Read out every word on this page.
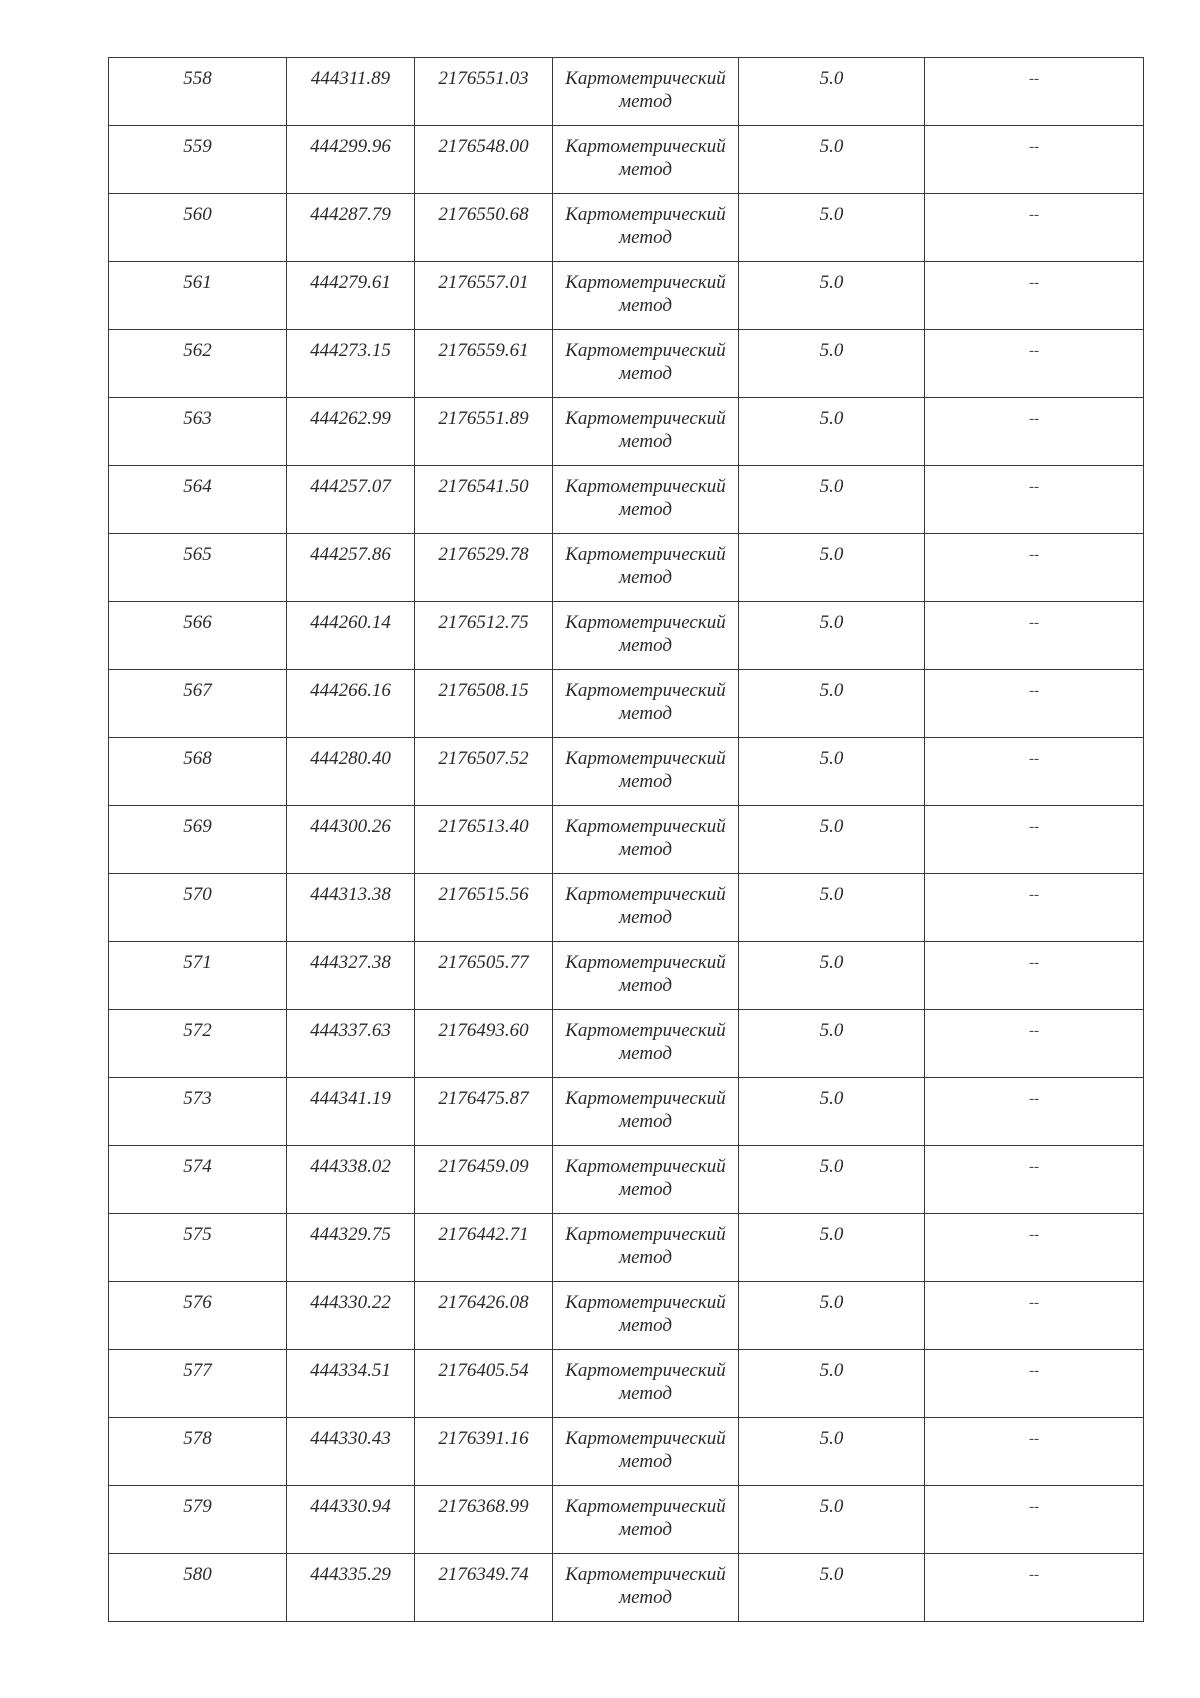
558	444311.89	2176551.03	Картометрический
метод	5.0	--

559	444299.96	2176548.00	Картометрический
метод	5.0	--

560	444287.79	2176550.68	Картометрический
метод	5.0	--

561	444279.61	2176557.01	Картометрический
метод	5.0	--

562	444273.15	2176559.61	Картометрический
метод	5.0	--

563	444262.99	2176551.89	Картометрический
метод	5.0	--

564	444257.07	2176541.50	Картометрический
метод	5.0	--

565	444257.86	2176529.78	Картометрический
метод	5.0	--

566	444260.14	2176512.75	Картометрический
метод	5.0	--

567	444266.16	2176508.15	Картометрический
метод	5.0	--

568	444280.40	2176507.52	Картометрический
метод	5.0	--

569	444300.26	2176513.40	Картометрический
метод	5.0	--

570	444313.38	2176515.56	Картометрический
метод	5.0	--

571	444327.38	2176505.77	Картометрический
метод	5.0	--

572	444337.63	2176493.60	Картометрический
метод	5.0	--

573	444341.19	2176475.87	Картометрический
метод	5.0	--

574	444338.02	2176459.09	Картометрический
метод	5.0	--

575	444329.75	2176442.71	Картометрический
метод	5.0	--

576	444330.22	2176426.08	Картометрический
метод	5.0	--

577	444334.51	2176405.54	Картометрический
метод	5.0	--

578	444330.43	2176391.16	Картометрический
метод	5.0	--

579	444330.94	2176368.99	Картометрический
метод	5.0	--

580	444335.29	2176349.74	Картометрический
метод	5.0	--
